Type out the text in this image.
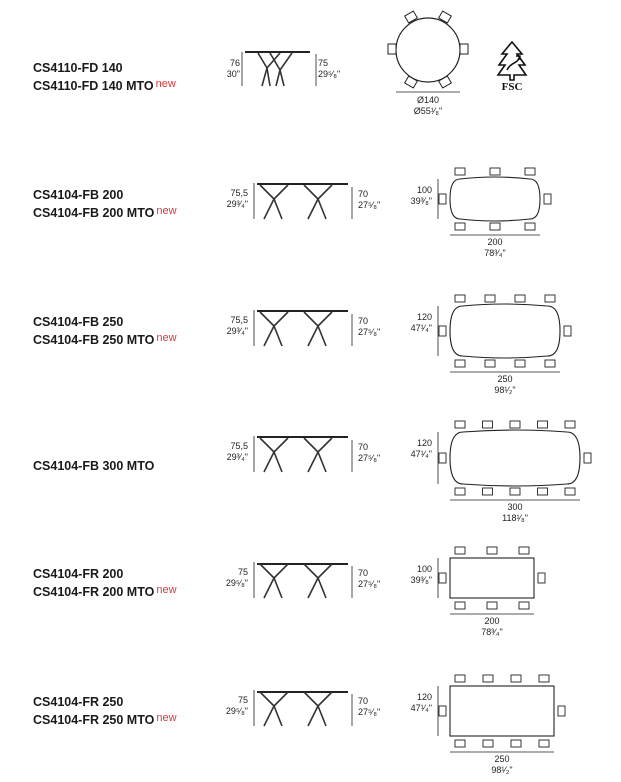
CS4110-FD 140
CS4110-FD 140 MTO new
76
30"
75
29⁵⁄₈"
Ø140
Ø55¹⁄₈"
FSC
CS4104-FB 200
CS4104-FB 200 MTO new
75,5
29³⁄₄"
70
27⁵⁄₈"
100
39³⁄₈"
200
78³⁄₄"
CS4104-FB 250
CS4104-FB 250 MTO new
75,5
29³⁄₄"
70
27⁵⁄₈"
120
47¹⁄₄"
250
98¹⁄₂"
CS4104-FB 300 MTO
75,5
29³⁄₄"
70
27⁵⁄₈"
120
47¹⁄₄"
300
118¹⁄₈"
CS4104-FR 200
CS4104-FR 200 MTO new
75
29⁵⁄₈"
70
27⁵⁄₈"
100
39³⁄₈"
200
78³⁄₄"
CS4104-FR 250
CS4104-FR 250 MTO new
75
29⁵⁄₈"
70
27⁵⁄₈"
120
47¹⁄₄"
250
98¹⁄₂"
